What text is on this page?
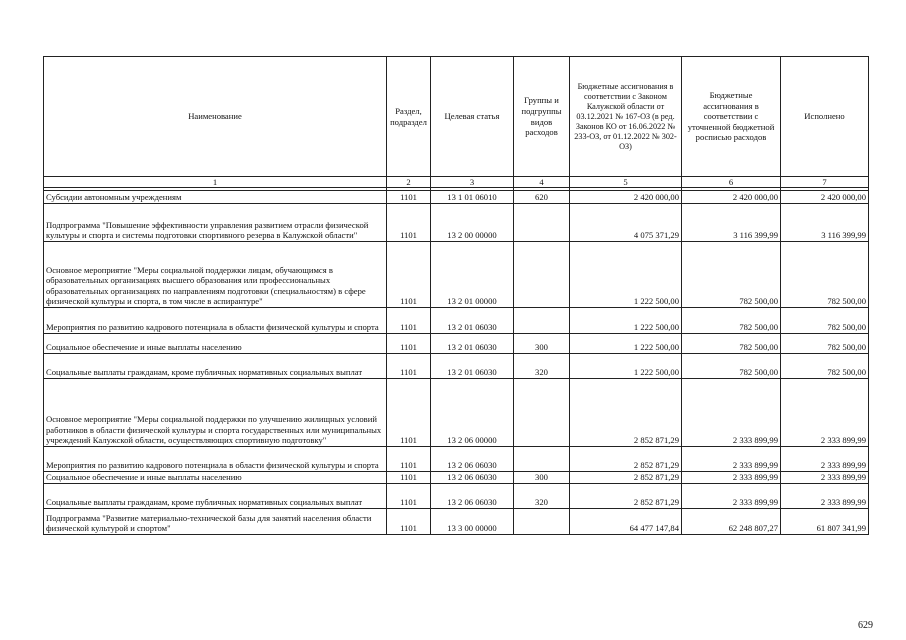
Наименование	Раздел, подраздел	Целевая статья	Группы и подгруппы видов расходов	Бюджетные ассигнования в соответствии с Законом Калужской области от 03.12.2021 № 167-ОЗ (в ред. Законов КО от 16.06.2022 № 233-ОЗ, от 01.12.2022 № 302-ОЗ)	Бюджетные ассигнования в соответствии с уточненной бюджетной росписью расходов	Исполнено
1	2	3	4	5	6	7

Субсидии автономным учреждениям	1101	13 1 01 06010	620	2 420 000,00	2 420 000,00	2 420 000,00
Подпрограмма "Повышение эффективности управления развитием отрасли физической культуры и спорта и системы подготовки спортивного резерва в Калужской области"	1101	13 2 00 00000		4 075 371,29	3 116 399,99	3 116 399,99
Основное мероприятие "Меры социальной поддержки лицам, обучающимся в образовательных организациях высшего образования или профессиональных образовательных организациях по направлениям подготовки (специальностям) в сфере физической культуры и спорта, в том числе в аспирантуре"	1101	13 2 01 00000		1 222 500,00	782 500,00	782 500,00
Мероприятия по развитию кадрового потенциала в области физической культуры и спорта	1101	13 2 01 06030		1 222 500,00	782 500,00	782 500,00
Социальное обеспечение и иные выплаты населению	1101	13 2 01 06030	300	1 222 500,00	782 500,00	782 500,00
Социальные выплаты гражданам, кроме публичных нормативных социальных выплат	1101	13 2 01 06030	320	1 222 500,00	782 500,00	782 500,00
Основное мероприятие "Меры социальной поддержки по улучшению жилищных условий работников в области физической культуры и спорта государственных или муниципальных учреждений Калужской области, осуществляющих спортивную подготовку"	1101	13 2 06 00000		2 852 871,29	2 333 899,99	2 333 899,99
Мероприятия по развитию кадрового потенциала в области физической культуры и спорта	1101	13 2 06 06030		2 852 871,29	2 333 899,99	2 333 899,99
Социальное обеспечение и иные выплаты населению	1101	13 2 06 06030	300	2 852 871,29	2 333 899,99	2 333 899,99
Социальные выплаты гражданам, кроме публичных нормативных социальных выплат	1101	13 2 06 06030	320	2 852 871,29	2 333 899,99	2 333 899,99
Подпрограмма "Развитие материально-технической базы для занятий населения области физической культурой и спортом"	1101	13 3 00 00000		64 477 147,84	62 248 807,27	61 807 341,99
629
